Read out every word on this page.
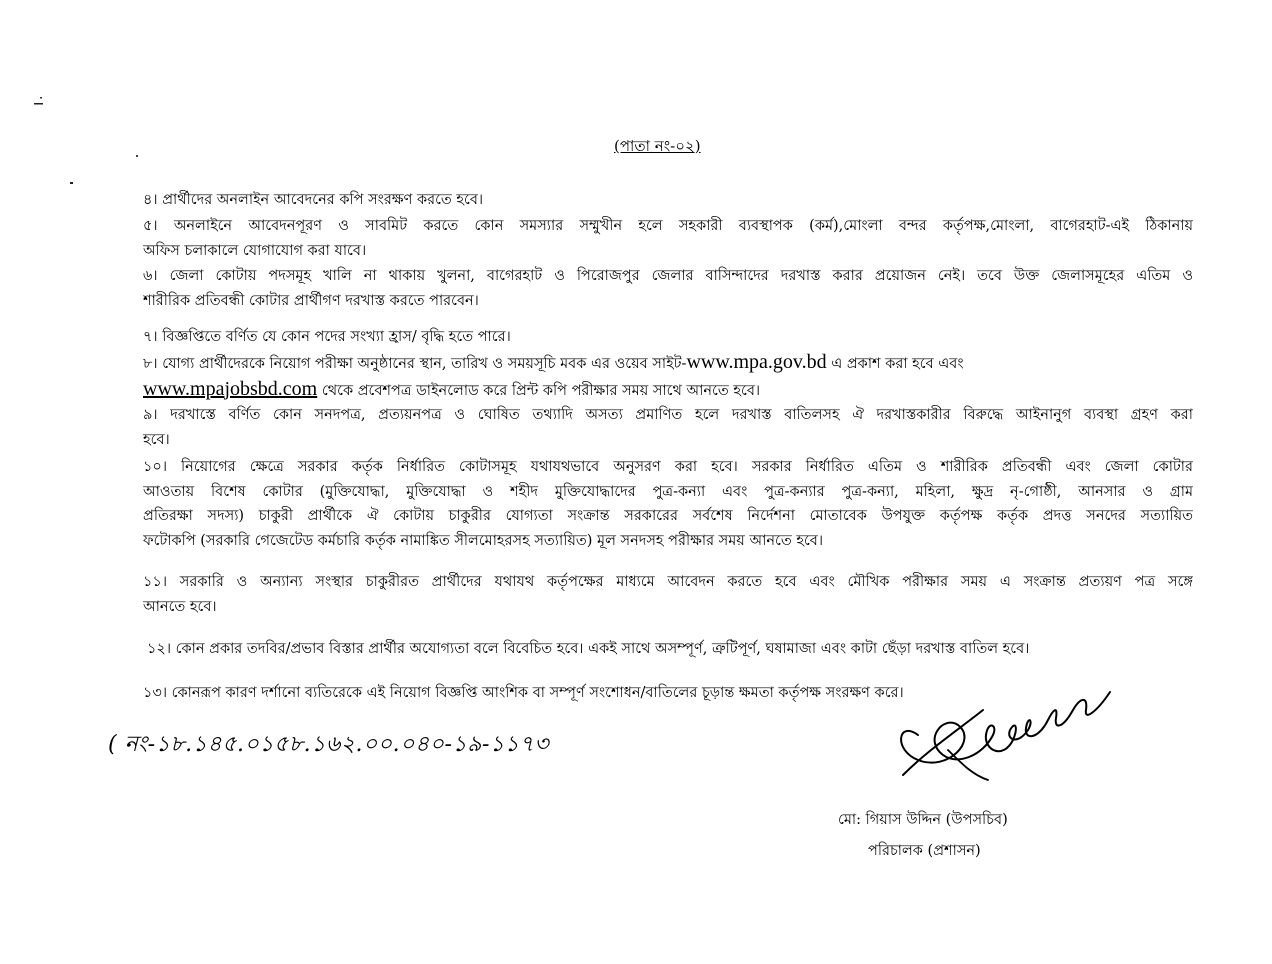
(পাতা নং-০২)
৪। প্রার্থীদের অনলাইন আবেদনের কপি সংরক্ষণ করতে হবে।
৫। অনলাইনে আবেদনপূরণ ও সাবমিট করতে কোন সমস্যার সম্মুখীন হলে সহকারী ব্যবস্থাপক (কর্ম),মোংলা বন্দর কর্তৃপক্ষ,মোংলা, বাগেরহাট-এই ঠিকানায়
অফিস চলাকালে যোগাযোগ করা যাবে।
৬। জেলা কোটায় পদসমূহ খালি না থাকায় খুলনা, বাগেরহাট ও পিরোজপুর জেলার বাসিন্দাদের দরখাস্ত করার প্রয়োজন নেই। তবে উক্ত জেলাসমূহের এতিম ও
শারীরিক প্রতিবন্ধী কোটার প্রার্থীগণ দরখাস্ত করতে পারবেন।
৭। বিজ্ঞপ্তিতে বর্ণিত যে কোন পদের সংখ্যা হ্রাস/ বৃদ্ধি হতে পারে।
৮। যোগ্য প্রার্থীদেরকে নিয়োগ পরীক্ষা অনুষ্ঠানের স্থান, তারিখ ও সময়সূচি মবক এর ওয়েব সাইট-www.mpa.gov.bd এ প্রকাশ করা হবে এবং
www.mpajobsbd.com থেকে প্রবেশপত্র ডাইনলোড করে প্রিন্ট কপি পরীক্ষার সময় সাথে আনতে হবে।
৯। দরখাস্তে বর্ণিত কোন সনদপত্র, প্রত্যয়নপত্র ও ঘোষিত তথ্যাদি অসত্য প্রমাণিত হলে দরখাস্ত বাতিলসহ ঐ দরখাস্তকারীর বিরুদ্ধে আইনানুগ ব্যবস্থা গ্রহণ করা
হবে।
১০। নিয়োগের ক্ষেত্রে সরকার কর্তৃক নির্ধারিত কোটাসমূহ যথাযথভাবে অনুসরণ করা হবে। সরকার নির্ধারিত এতিম ও শারীরিক প্রতিবন্ধী এবং জেলা কোটার
আওতায় বিশেষ কোটার (মুক্তিযোদ্ধা, মুক্তিযোদ্ধা ও শহীদ মুক্তিযোদ্ধাদের পুত্র-কন্যা এবং পুত্র-কন্যার পুত্র-কন্যা, মহিলা, ক্ষুদ্র নৃ-গোষ্ঠী, আনসার ও গ্রাম
প্রতিরক্ষা সদস্য) চাকুরী প্রার্থীকে ঐ কোটায় চাকুরীর যোগ্যতা সংক্রান্ত সরকারের সর্বশেষ নির্দেশনা মোতাবেক উপযুক্ত কর্তৃপক্ষ কর্তৃক প্রদত্ত সনদের সত্যায়িত
ফটোকপি (সরকারি গেজেটেড কর্মচারি কর্তৃক নামাঙ্কিত সীলমোহরসহ সত্যায়িত) মূল সনদসহ পরীক্ষার সময় আনতে হবে।
১১। সরকারি ও অন্যান্য সংস্থার চাকুরীরত প্রার্থীদের যথাযথ কর্তৃপক্ষের মাধ্যমে আবেদন করতে হবে এবং মৌখিক পরীক্ষার সময় এ সংক্রান্ত প্রত্যয়ণ পত্র সঙ্গে
আনতে হবে।
১২। কোন প্রকার তদবির/প্রভাব বিস্তার প্রার্থীর অযোগ্যতা বলে বিবেচিত হবে। একই সাথে অসম্পূর্ণ, ত্রুটিপূর্ণ, ঘষামাজা এবং কাটা ছেঁড়া দরখাস্ত বাতিল হবে।
১৩। কোনরূপ কারণ দর্শানো ব্যতিরেকে এই নিয়োগ বিজ্ঞপ্তি আংশিক বা সম্পূর্ণ সংশোধন/বাতিলের চূড়ান্ত ক্ষমতা কর্তৃপক্ষ সংরক্ষণ করে।
( নং-১৮.১৪৫.০১৫৮.১৬২.০০.০৪০-১৯-১১৭৩
মো: গিয়াস উদ্দিন (উপসচিব)
পরিচালক (প্রশাসন)
